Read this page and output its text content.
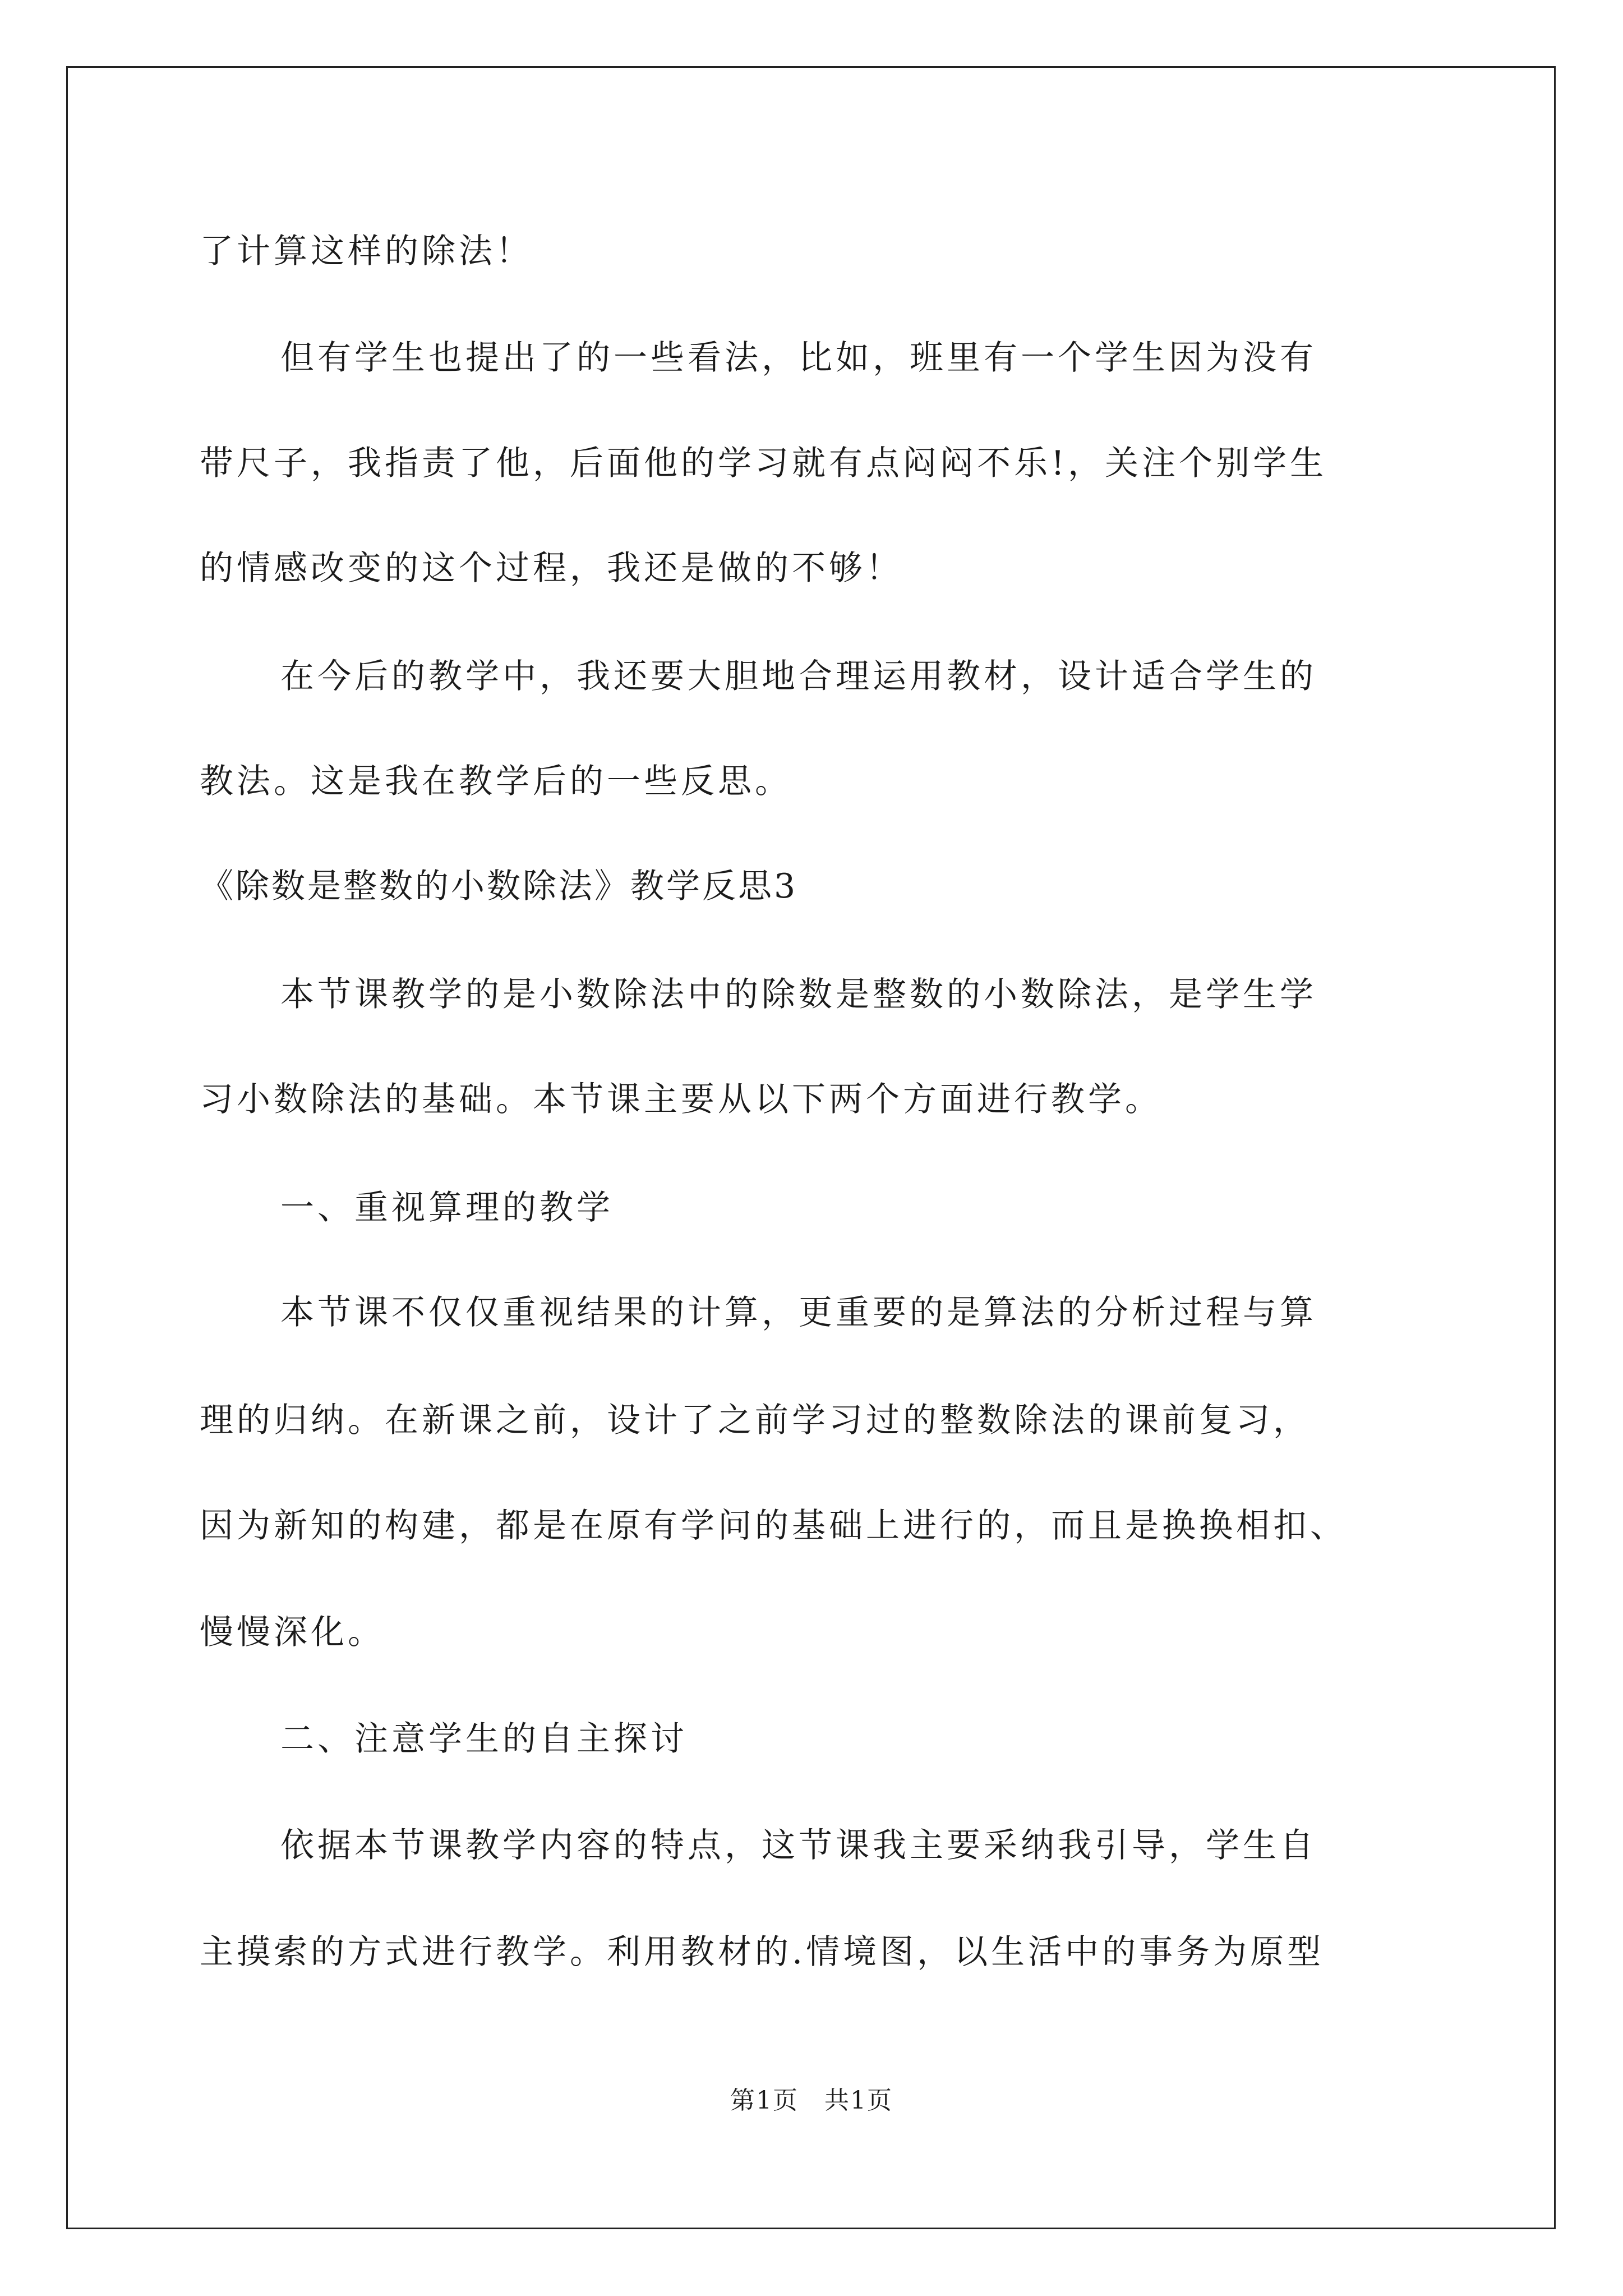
了计算这样的除法！
但有学生也提出了的一些看法，比如，班里有一个学生因为没有
带尺子，我指责了他，后面他的学习就有点闷闷不乐!，关注个别学生
的情感改变的这个过程，我还是做的不够！
在今后的教学中，我还要大胆地合理运用教材，设计适合学生的
教法。这是我在教学后的一些反思。
《除数是整数的小数除法》教学反思3
本节课教学的是小数除法中的除数是整数的小数除法，是学生学
习小数除法的基础。本节课主要从以下两个方面进行教学。
一、重视算理的教学
本节课不仅仅重视结果的计算，更重要的是算法的分析过程与算
理的归纳。在新课之前，设计了之前学习过的整数除法的课前复习，
因为新知的构建，都是在原有学问的基础上进行的，而且是换换相扣、
慢慢深化。
二、注意学生的自主探讨
依据本节课教学内容的特点，这节课我主要采纳我引导，学生自
主摸索的方式进行教学。利用教材的.情境图，以生活中的事务为原型
第1页　共1页
